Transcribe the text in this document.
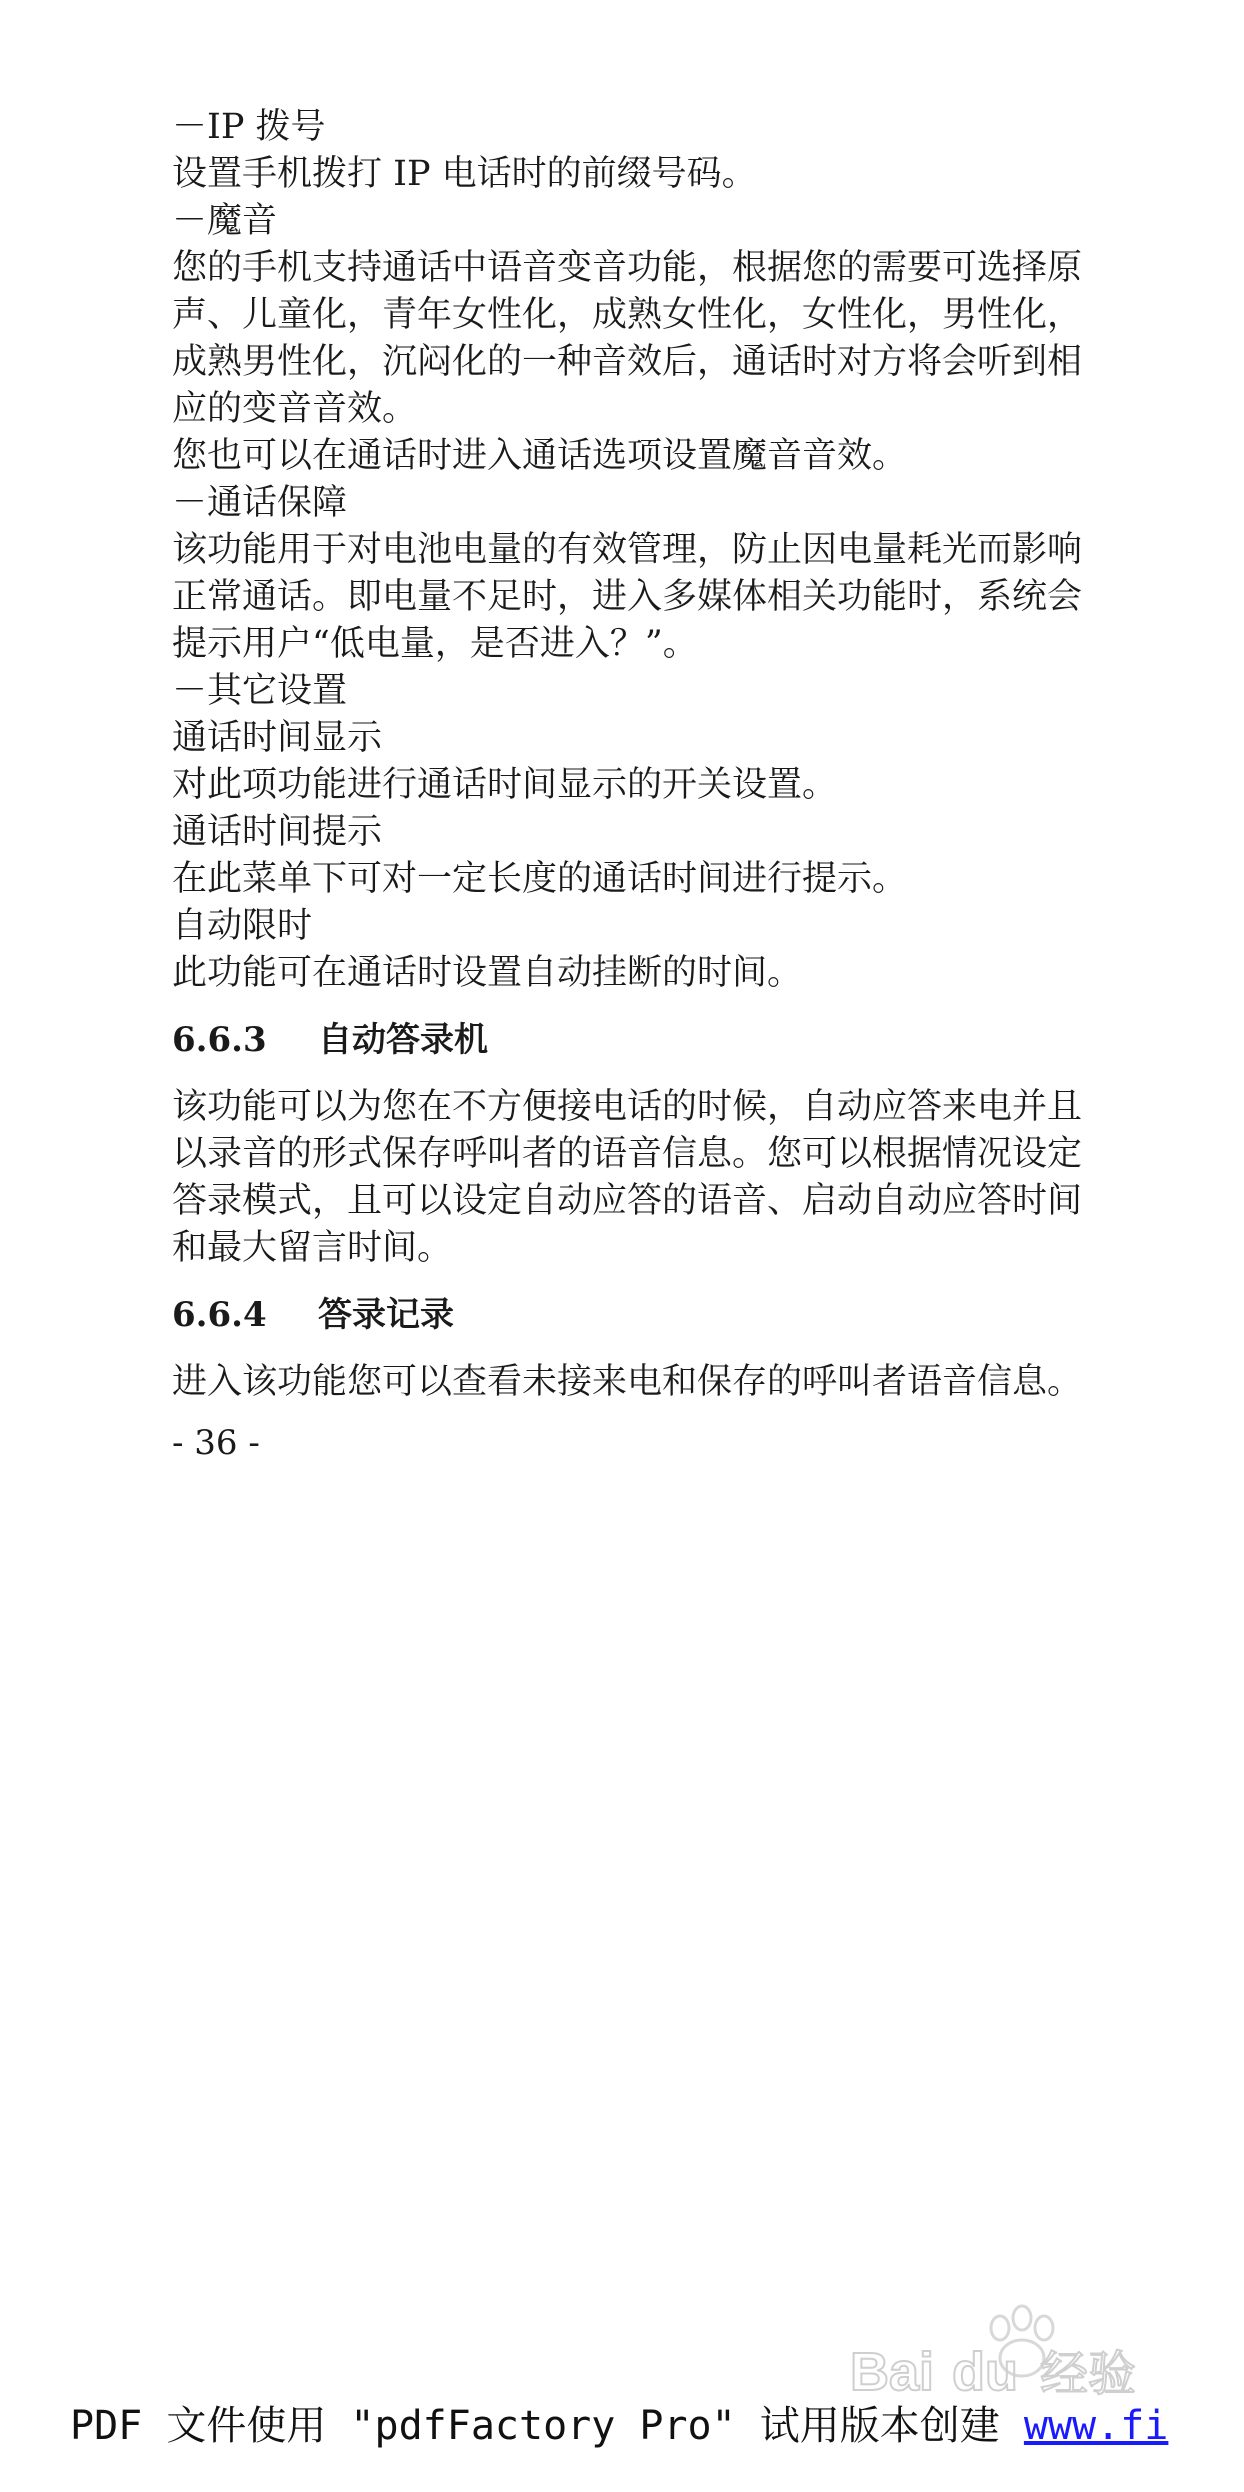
－IP 拨号

设置手机拨打 IP 电话时的前缀号码。

－魔音

您的手机支持通话中语音变音功能，根据您的需要可选择原声、儿童化，青年女性化，成熟女性化，女性化，男性化，成熟男性化，沉闷化的一种音效后，通话时对方将会听到相应的变音音效。

您也可以在通话时进入通话选项设置魔音音效。

－通话保障

该功能用于对电池电量的有效管理，防止因电量耗光而影响正常通话。即电量不足时，进入多媒体相关功能时，系统会提示用户“低电量，是否进入？”。

－其它设置

通话时间显示

对此项功能进行通话时间显示的开关设置。

通话时间提示

在此菜单下可对一定长度的通话时间进行提示。

自动限时

此功能可在通话时设置自动挂断的时间。

6.6.3 自动答录机

该功能可以为您在不方便接电话的时候，自动应答来电并且以录音的形式保存呼叫者的语音信息。您可以根据情况设定答录模式，且可以设定自动应答的语音、启动自动应答时间和最大留言时间。

6.6.4 答录记录

进入该功能您可以查看未接来电和保存的呼叫者语音信息。

- 36 -
Bai du 经验
PDF 文件使用 "pdfFactory Pro" 试用版本创建 www.fi
